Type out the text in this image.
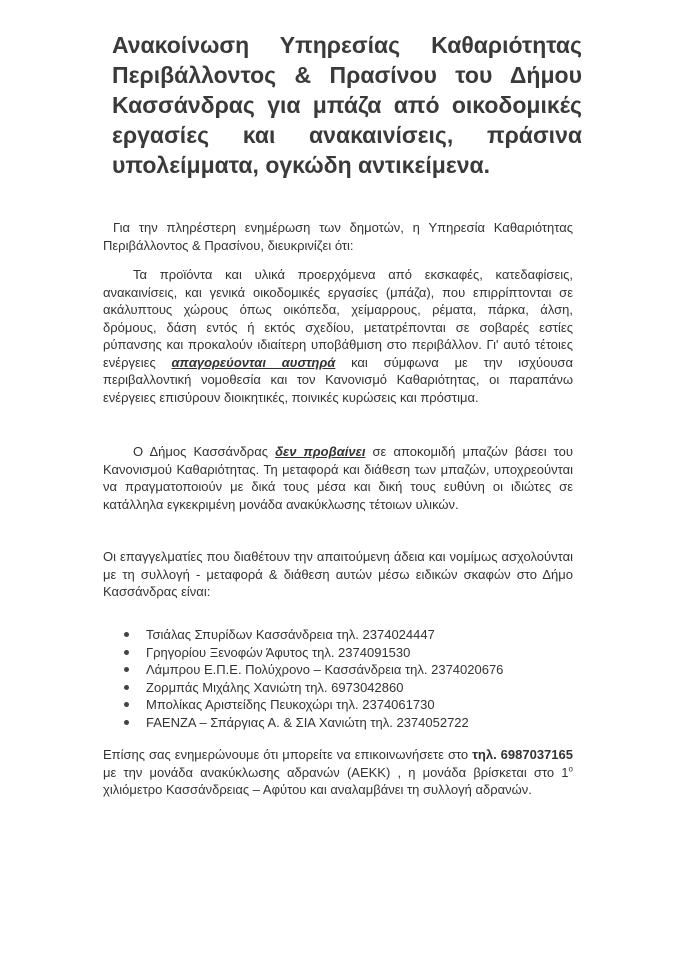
Ανακοίνωση Υπηρεσίας Καθαριότητας Περιβάλλοντος & Πρασίνου του Δήμου Κασσάνδρας για μπάζα από οικοδομικές εργασίες και ανακαινίσεις, πράσινα υπολείμματα, ογκώδη αντικείμενα.
Για την πληρέστερη ενημέρωση των δημοτών, η Υπηρεσία Καθαριότητας Περιβάλλοντος & Πρασίνου, διευκρινίζει ότι:
Τα προϊόντα και υλικά προερχόμενα από εκσκαφές, κατεδαφίσεις, ανακαινίσεις, και γενικά οικοδομικές εργασίες (μπάζα), που επιρρίπτονται σε ακάλυπτους χώρους όπως οικόπεδα, χείμαρρους, ρέματα, πάρκα, άλση, δρόμους, δάση εντός ή εκτός σχεδίου, μετατρέπονται σε σοβαρές εστίες ρύπανσης και προκαλούν ιδιαίτερη υποβάθμιση στο περιβάλλον. Γι' αυτό τέτοιες ενέργειες απαγορεύονται αυστηρά και σύμφωνα με την ισχύουσα περιβαλλοντική νομοθεσία και τον Κανονισμό Καθαριότητας, οι παραπάνω ενέργειες επισύρουν διοικητικές, ποινικές κυρώσεις και πρόστιμα.
Ο Δήμος Κασσάνδρας δεν προβαίνει σε αποκομιδή μπαζών βάσει του Κανονισμού Καθαριότητας. Τη μεταφορά και διάθεση των μπαζών, υποχρεούνται να πραγματοποιούν με δικά τους μέσα και δική τους ευθύνη οι ιδιώτες σε κατάλληλα εγκεκριμένη μονάδα ανακύκλωσης τέτοιων υλικών.
Οι επαγγελματίες που διαθέτουν την απαιτούμενη άδεια και νομίμως ασχολούνται με τη συλλογή - μεταφορά & διάθεση αυτών μέσω ειδικών σκαφών στο Δήμο Κασσάνδρας είναι:
Τσιάλας Σπυρίδων Κασσάνδρεια τηλ. 2374024447
Γρηγορίου Ξενοφών Άφυτος τηλ. 2374091530
Λάμπρου Ε.Π.Ε. Πολύχρονο – Κασσάνδρεια τηλ. 2374020676
Ζορμπάς Μιχάλης Χανιώτη τηλ. 6973042860
Μπολίκας Αριστείδης Πευκοχώρι τηλ. 2374061730
FAENZA – Σπάργιας Α. & ΣΙΑ Χανιώτη τηλ. 2374052722
Επίσης σας ενημερώνουμε ότι μπορείτε να επικοινωνήσετε στο τηλ. 6987037165 με την μονάδα ανακύκλωσης αδρανών (ΑΕΚΚ) , η μονάδα βρίσκεται στο $1^o$ χιλιόμετρο Κασσάνδρειας – Αφύτου και αναλαμβάνει τη συλλογή αδρανών.
